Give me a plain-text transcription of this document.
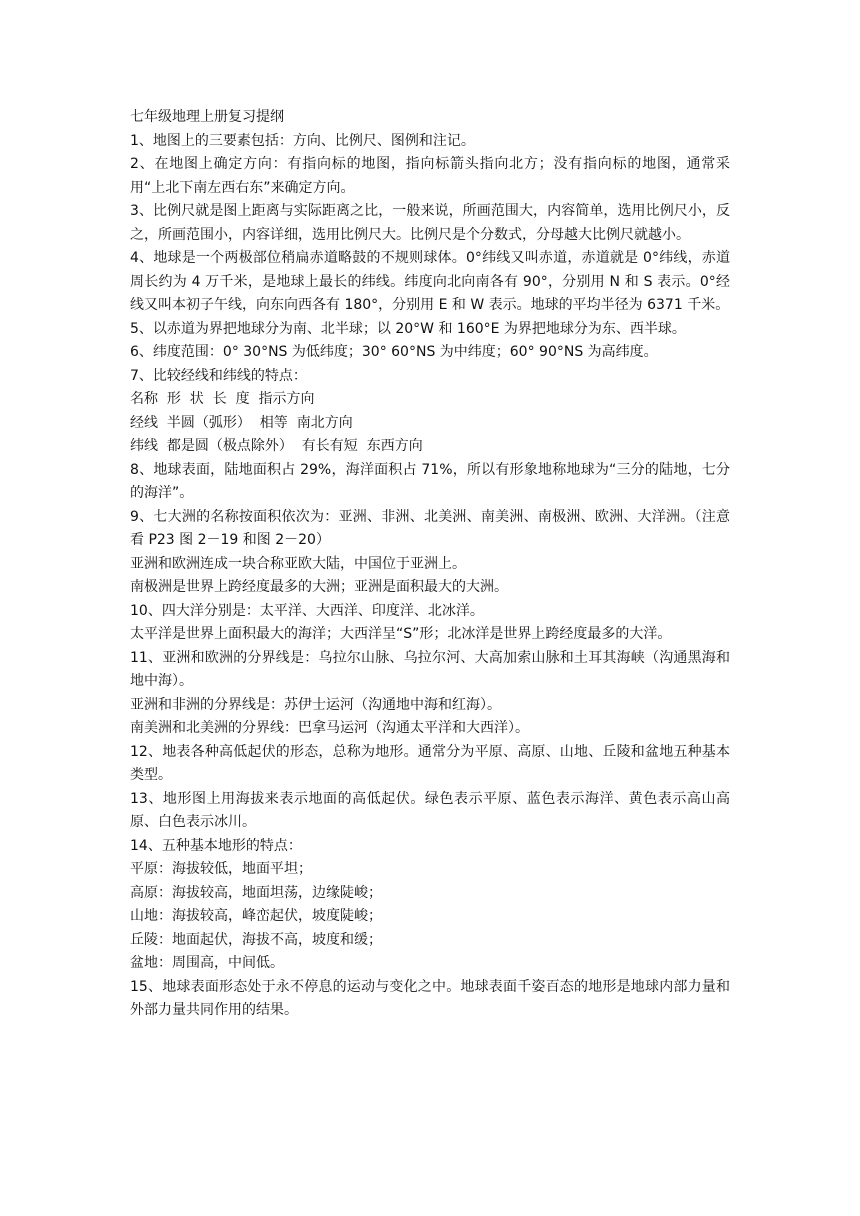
七年级地理上册复习提纲

1、地图上的三要素包括：方向、比例尺、图例和注记。

2、在地图上确定方向：有指向标的地图，指向标箭头指向北方；没有指向标的地图，通常采用“上北下南左西右东”来确定方向。

3、比例尺就是图上距离与实际距离之比，一般来说，所画范围大，内容简单，选用比例尺小，反之，所画范围小，内容详细，选用比例尺大。比例尺是个分数式，分母越大比例尺就越小。

4、地球是一个两极部位稍扁赤道略鼓的不规则球体。0°纬线又叫赤道，赤道就是 0°纬线，赤道周长约为 4 万千米，是地球上最长的纬线。纬度向北向南各有 90°，分别用 N 和 S 表示。0°经线又叫本初子午线，向东向西各有 180°，分别用 E 和 W 表示。地球的平均半径为 6371 千米。

5、以赤道为界把地球分为南、北半球；以 20°W 和 160°E 为界把地球分为东、西半球。

6、纬度范围：0° 30°NS 为低纬度；30° 60°NS 为中纬度；60° 90°NS 为高纬度。

7、比较经线和纬线的特点：

名称  形  状  长  度  指示方向

经线  半圆（弧形）  相等  南北方向

纬线  都是圆（极点除外）  有长有短  东西方向

8、地球表面，陆地面积占 29%，海洋面积占 71%，所以有形象地称地球为“三分的陆地，七分的海洋”。

9、七大洲的名称按面积依次为：亚洲、非洲、北美洲、南美洲、南极洲、欧洲、大洋洲。（注意看 P23 图 2－19 和图 2－20）

亚洲和欧洲连成一块合称亚欧大陆，中国位于亚洲上。

南极洲是世界上跨经度最多的大洲；亚洲是面积最大的大洲。

10、四大洋分别是：太平洋、大西洋、印度洋、北冰洋。

太平洋是世界上面积最大的海洋；大西洋呈“S”形；北冰洋是世界上跨经度最多的大洋。

11、亚洲和欧洲的分界线是：乌拉尔山脉、乌拉尔河、大高加索山脉和土耳其海峡（沟通黑海和地中海）。

亚洲和非洲的分界线是：苏伊士运河（沟通地中海和红海）。

南美洲和北美洲的分界线：巴拿马运河（沟通太平洋和大西洋）。

12、地表各种高低起伏的形态，总称为地形。通常分为平原、高原、山地、丘陵和盆地五种基本类型。

13、地形图上用海拔来表示地面的高低起伏。绿色表示平原、蓝色表示海洋、黄色表示高山高原、白色表示冰川。

14、五种基本地形的特点：

平原：海拔较低，地面平坦；

高原：海拔较高，地面坦荡，边缘陡峻；

山地：海拔较高，峰峦起伏，坡度陡峻；

丘陵：地面起伏，海拔不高，坡度和缓；

盆地：周围高，中间低。

15、地球表面形态处于永不停息的运动与变化之中。地球表面千姿百态的地形是地球内部力量和外部力量共同作用的结果。
